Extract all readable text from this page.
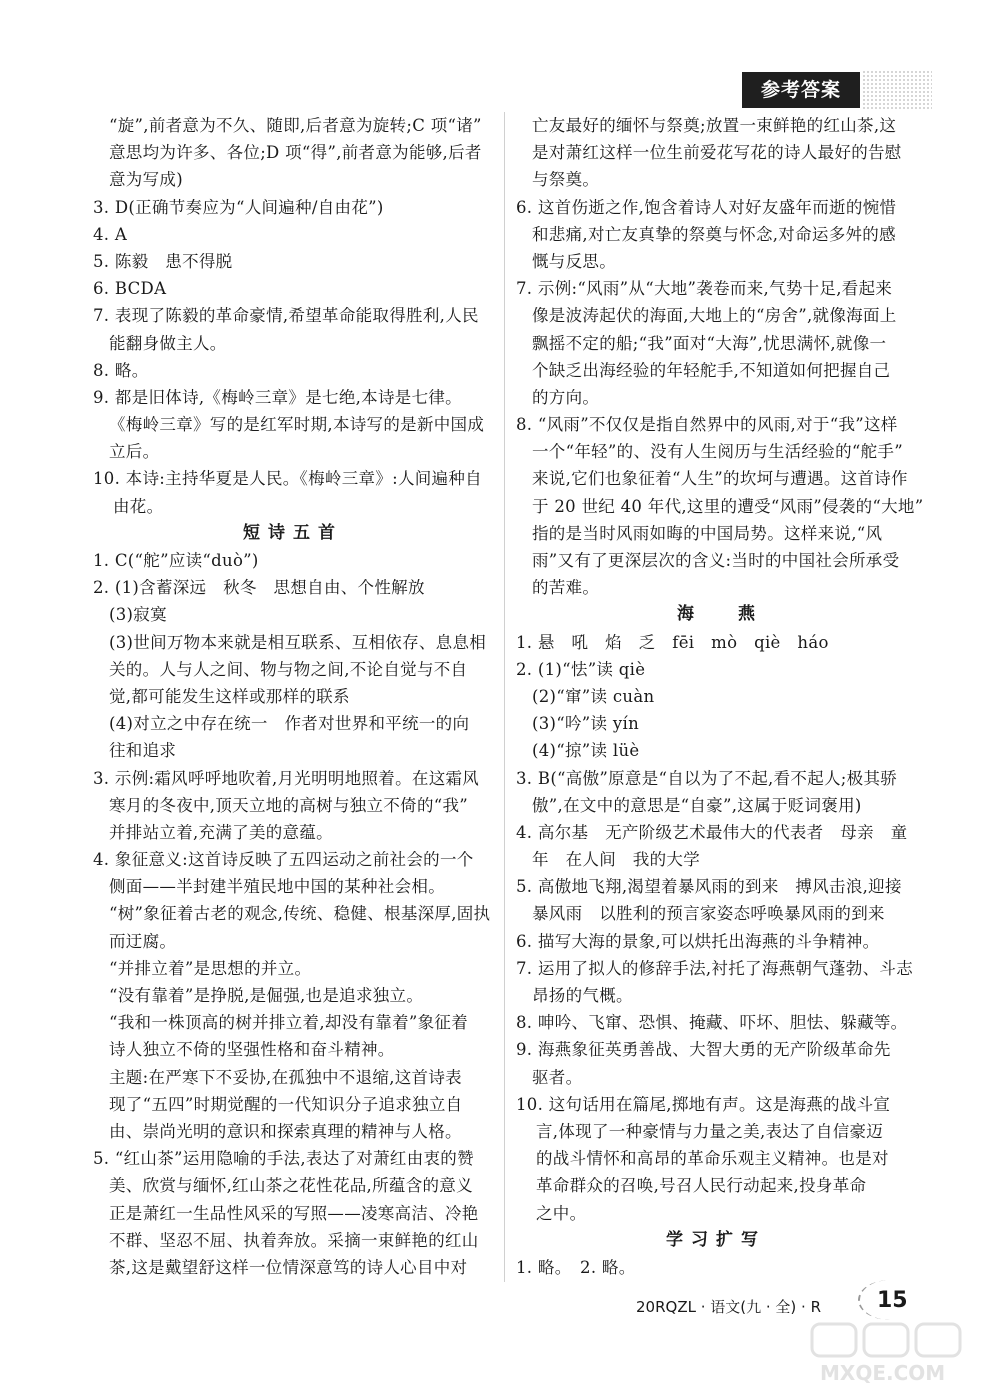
参考答案
“旋”,前者意为不久、随即,后者意为旋转;C 项“诸”
意思均为许多、各位;D 项“得”,前者意为能够,后者
意为写成)
3. D(正确节奏应为“人间遍种/自由花”)
4. A
5. 陈毅　患不得脱
6. BCDA
7. 表现了陈毅的革命豪情,希望革命能取得胜利,人民
能翻身做主人。
8. 略。
9. 都是旧体诗,《梅岭三章》是七绝,本诗是七律。
《梅岭三章》写的是红军时期,本诗写的是新中国成
立后。
10. 本诗:主持华夏是人民。《梅岭三章》:人间遍种自
由花。
短诗五首
1. C(“舵”应读“duò”)
2. (1)含蓄深远　秋冬　思想自由、个性解放
(3)寂寞
(3)世间万物本来就是相互联系、互相依存、息息相
关的。人与人之间、物与物之间,不论自觉与不自
觉,都可能发生这样或那样的联系
(4)对立之中存在统一　作者对世界和平统一的向
往和追求
3. 示例:霜风呼呼地吹着,月光明明地照着。在这霜风
寒月的冬夜中,顶天立地的高树与独立不倚的“我”
并排站立着,充满了美的意蕴。
4. 象征意义:这首诗反映了五四运动之前社会的一个
侧面——半封建半殖民地中国的某种社会相。
“树”象征着古老的观念,传统、稳健、根基深厚,固执
而迂腐。
“并排立着”是思想的并立。
“没有靠着”是挣脱,是倔强,也是追求独立。
“我和一株顶高的树并排立着,却没有靠着”象征着
诗人独立不倚的坚强性格和奋斗精神。
主题:在严寒下不妥协,在孤独中不退缩,这首诗表
现了“五四”时期觉醒的一代知识分子追求独立自
由、崇尚光明的意识和探索真理的精神与人格。
5. “红山茶”运用隐喻的手法,表达了对萧红由衷的赞
美、欣赏与缅怀,红山茶之花性花品,所蕴含的意义
正是萧红一生品性风采的写照——凌寒高洁、冷艳
不群、坚忍不屈、执着奔放。采摘一束鲜艳的红山
茶,这是戴望舒这样一位情深意笃的诗人心目中对
亡友最好的缅怀与祭奠;放置一束鲜艳的红山茶,这
是对萧红这样一位生前爱花写花的诗人最好的告慰
与祭奠。
6. 这首伤逝之作,饱含着诗人对好友盛年而逝的惋惜
和悲痛,对亡友真挚的祭奠与怀念,对命运多舛的感
慨与反思。
7. 示例:“风雨”从“大地”袭卷而来,气势十足,看起来
像是波涛起伏的海面,大地上的“房舍”,就像海面上
飘摇不定的船;“我”面对“大海”,忧思满怀,就像一
个缺乏出海经验的年轻舵手,不知道如何把握自己
的方向。
8. “风雨”不仅仅是指自然界中的风雨,对于“我”这样
一个“年轻”的、没有人生阅历与生活经验的“舵手”
来说,它们也象征着“人生”的坎坷与遭遇。这首诗作
于 20 世纪 40 年代,这里的遭受“风雨”侵袭的“大地”
指的是当时风雨如晦的中国局势。这样来说,“风
雨”又有了更深层次的含义:当时的中国社会所承受
的苦难。
海燕
1. 悬　吼　焰　乏　fēi　mò　qiè　háo
2. (1)“怯”读 qiè
(2)“窜”读 cuàn
(3)“吟”读 yín
(4)“掠”读 lüè
3. B(“高傲”原意是“自以为了不起,看不起人;极其骄
傲”,在文中的意思是“自豪”,这属于贬词褒用)
4. 高尔基　无产阶级艺术最伟大的代表者　母亲　童
年　在人间　我的大学
5. 高傲地飞翔,渴望着暴风雨的到来　搏风击浪,迎接
暴风雨　以胜利的预言家姿态呼唤暴风雨的到来
6. 描写大海的景象,可以烘托出海燕的斗争精神。
7. 运用了拟人的修辞手法,衬托了海燕朝气蓬勃、斗志
昂扬的气概。
8. 呻吟、飞窜、恐惧、掩藏、吓坏、胆怯、躲藏等。
9. 海燕象征英勇善战、大智大勇的无产阶级革命先
驱者。
10. 这句话用在篇尾,掷地有声。这是海燕的战斗宣
言,体现了一种豪情与力量之美,表达了自信豪迈
的战斗情怀和高昂的革命乐观主义精神。也是对
革命群众的召唤,号召人民行动起来,投身革命
之中。
学习扩写
1. 略。　2. 略。
20RQZL · 语文(九 · 全) · R	15
MXQE.COM
